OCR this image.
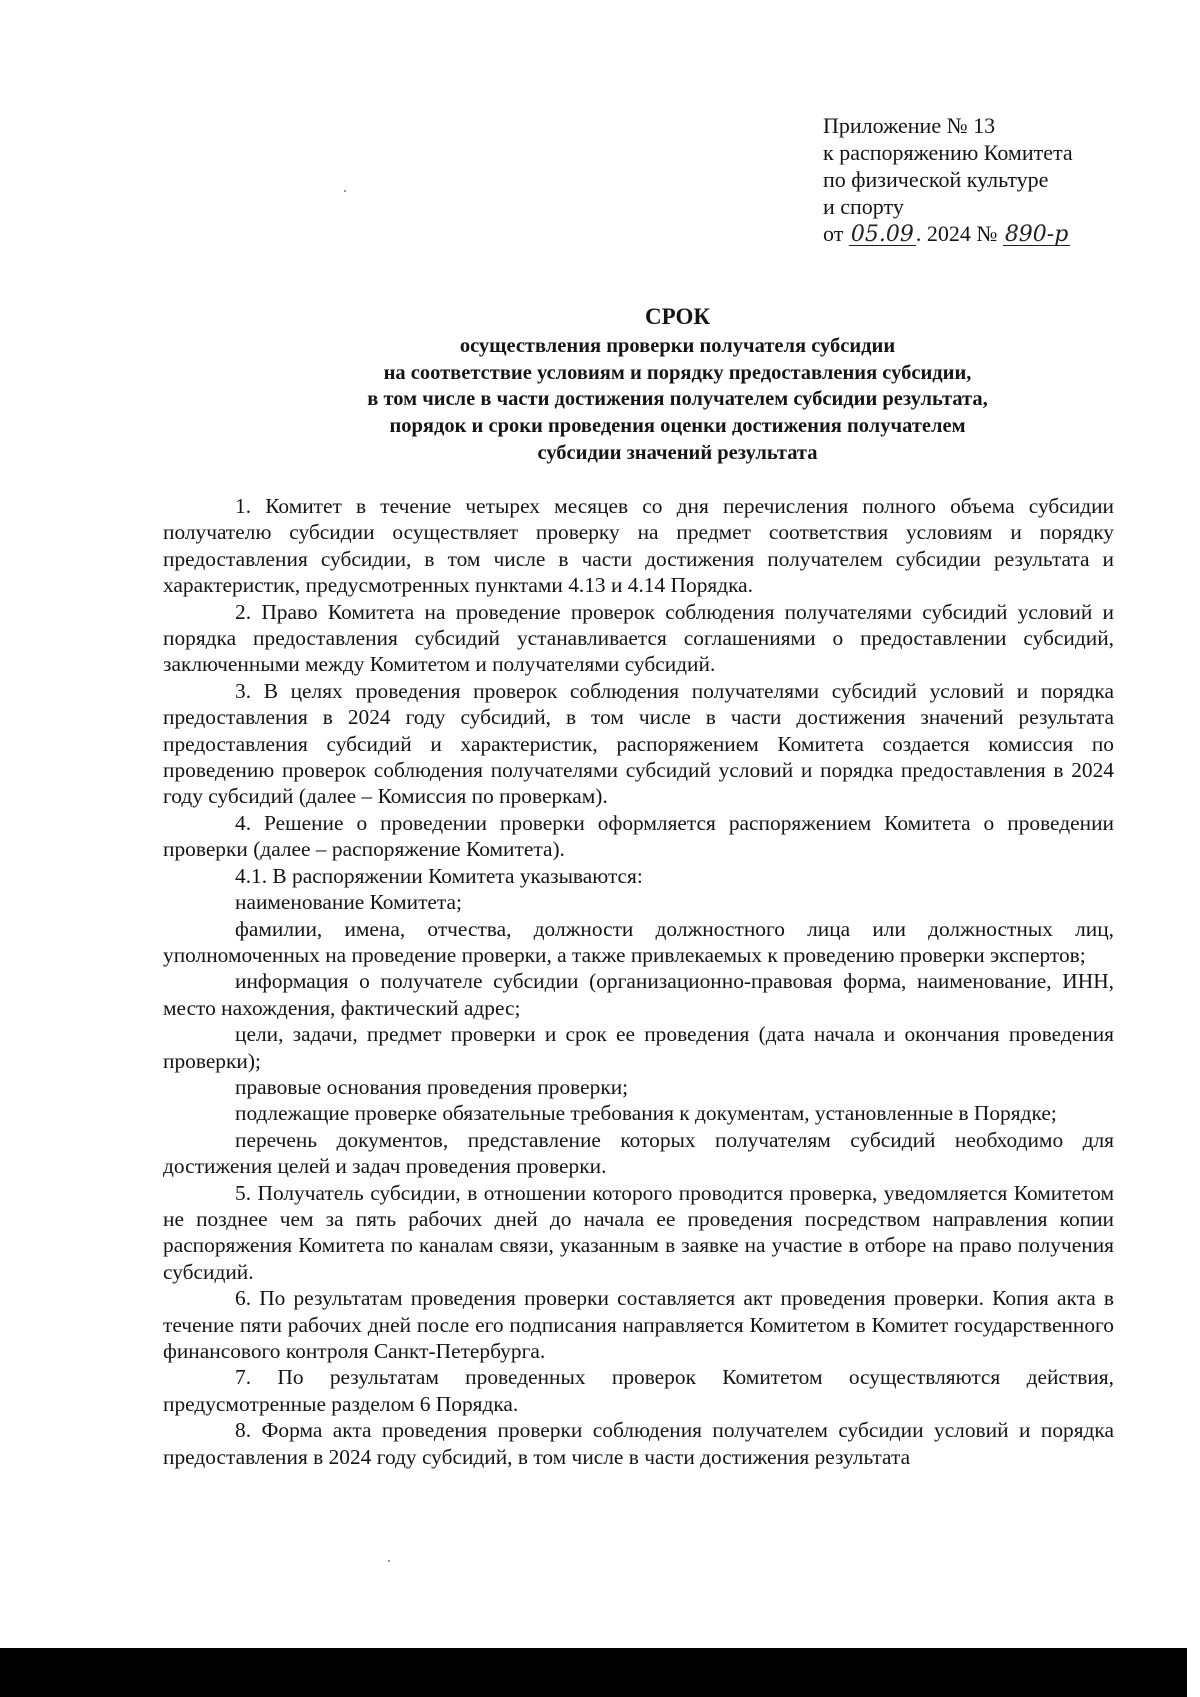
Приложение № 13
к распоряжению Комитета
по физической культуре
и спорту
от 05.09. 2024 № 890-р

СРОК

осуществления проверки получателя субсидии

на соответствие условиям и порядку предоставления субсидии,

в том числе в части достижения получателем субсидии результата,

порядок и сроки проведения оценки достижения получателем

субсидии значений результата

1. Комитет в течение четырех месяцев со дня перечисления полного объема субсидии получателю субсидии осуществляет проверку на предмет соответствия условиям и порядку предоставления субсидии, в том числе в части достижения получателем субсидии результата и характеристик, предусмотренных пунктами 4.13 и 4.14 Порядка.

2. Право Комитета на проведение проверок соблюдения получателями субсидий условий и порядка предоставления субсидий устанавливается соглашениями о предоставлении субсидий, заключенными между Комитетом и получателями субсидий.

3. В целях проведения проверок соблюдения получателями субсидий условий и порядка предоставления в 2024 году субсидий, в том числе в части достижения значений результата предоставления субсидий и характеристик, распоряжением Комитета создается комиссия по проведению проверок соблюдения получателями субсидий условий и порядка предоставления в 2024 году субсидий (далее – Комиссия по проверкам).

4. Решение о проведении проверки оформляется распоряжением Комитета о проведении проверки (далее – распоряжение Комитета).

4.1. В распоряжении Комитета указываются:

наименование Комитета;

фамилии, имена, отчества, должности должностного лица или должностных лиц, уполномоченных на проведение проверки, а также привлекаемых к проведению проверки экспертов;

информация о получателе субсидии (организационно-правовая форма, наименование, ИНН, место нахождения, фактический адрес;

цели, задачи, предмет проверки и срок ее проведения (дата начала и окончания проведения проверки);

правовые основания проведения проверки;

подлежащие проверке обязательные требования к документам, установленные в Порядке;

перечень документов, представление которых получателям субсидий необходимо для достижения целей и задач проведения проверки.

5. Получатель субсидии, в отношении которого проводится проверка, уведомляется Комитетом не позднее чем за пять рабочих дней до начала ее проведения посредством направления копии распоряжения Комитета по каналам связи, указанным в заявке на участие в отборе на право получения субсидий.

6. По результатам проведения проверки составляется акт проведения проверки. Копия акта в течение пяти рабочих дней после его подписания направляется Комитетом в Комитет государственного финансового контроля Санкт-Петербурга.

7. По результатам проведенных проверок Комитетом осуществляются действия, предусмотренные разделом 6 Порядка.

8. Форма акта проведения проверки соблюдения получателем субсидии условий и порядка предоставления в 2024 году субсидий, в том числе в части достижения результата
